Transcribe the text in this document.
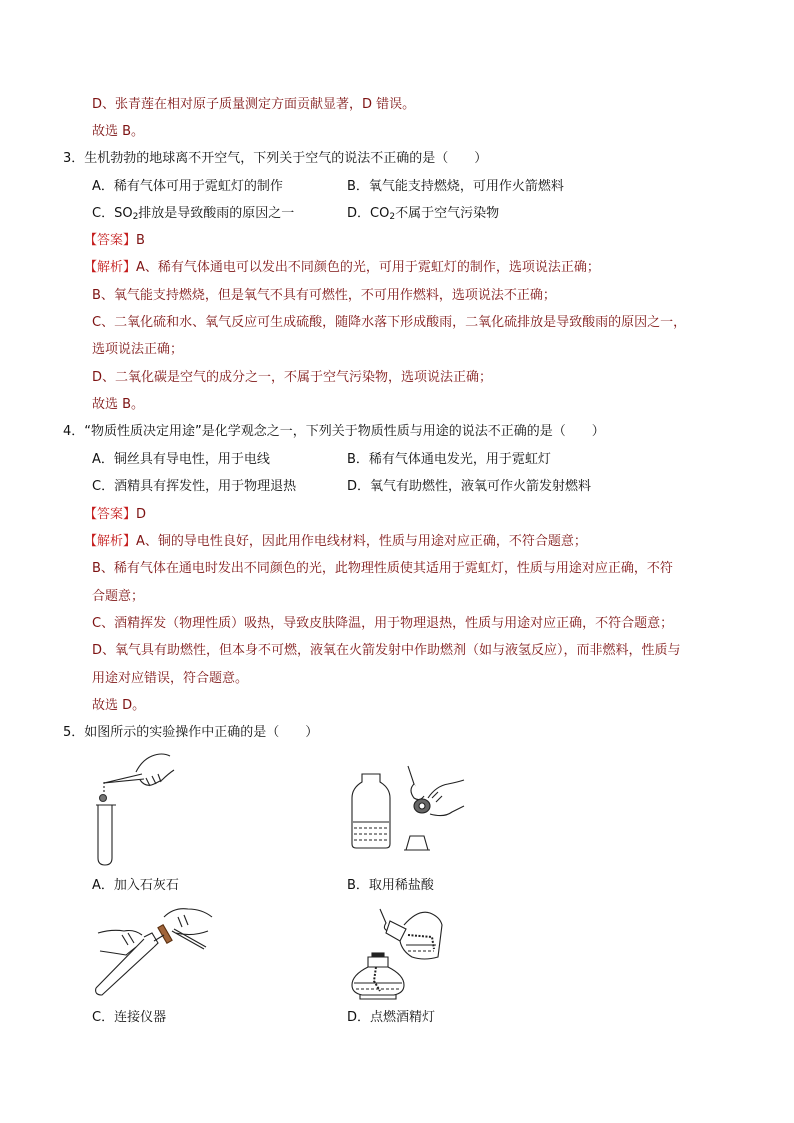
D、张青莲在相对原子质量测定方面贡献显著，D 错误。
故选 B。
3．生机勃勃的地球离不开空气，下列关于空气的说法不正确的是（　　）
A．稀有气体可用于霓虹灯的制作	B．氧气能支持燃烧，可用作火箭燃料
C．$SO_2$排放是导致酸雨的原因之一	D．$CO_2$不属于空气污染物
【答案】B
【解析】A、稀有气体通电可以发出不同颜色的光，可用于霓虹灯的制作，选项说法正确；
B、氧气能支持燃烧，但是氧气不具有可燃性，不可用作燃料，选项说法不正确；
C、二氧化硫和水、氧气反应可生成硫酸，随降水落下形成酸雨，二氧化硫排放是导致酸雨的原因之一，
选项说法正确；
D、二氧化碳是空气的成分之一，不属于空气污染物，选项说法正确；
故选 B。
4．“物质性质决定用途”是化学观念之一，下列关于物质性质与用途的说法不正确的是（　　）
A．铜丝具有导电性，用于电线	B．稀有气体通电发光，用于霓虹灯
C．酒精具有挥发性，用于物理退热	D．氧气有助燃性，液氧可作火箭发射燃料
【答案】D
【解析】A、铜的导电性良好，因此用作电线材料，性质与用途对应正确，不符合题意；
B、稀有气体在通电时发出不同颜色的光，此物理性质使其适用于霓虹灯，性质与用途对应正确，不符
合题意；
C、酒精挥发（物理性质）吸热，导致皮肤降温，用于物理退热，性质与用途对应正确，不符合题意；
D、氧气具有助燃性，但本身不可燃，液氧在火箭发射中作助燃剂（如与液氢反应），而非燃料，性质与
用途对应错误，符合题意。
故选 D。
5．如图所示的实验操作中正确的是（　　）
A．加入石灰石	B．取用稀盐酸
C．连接仪器	D．点燃酒精灯
